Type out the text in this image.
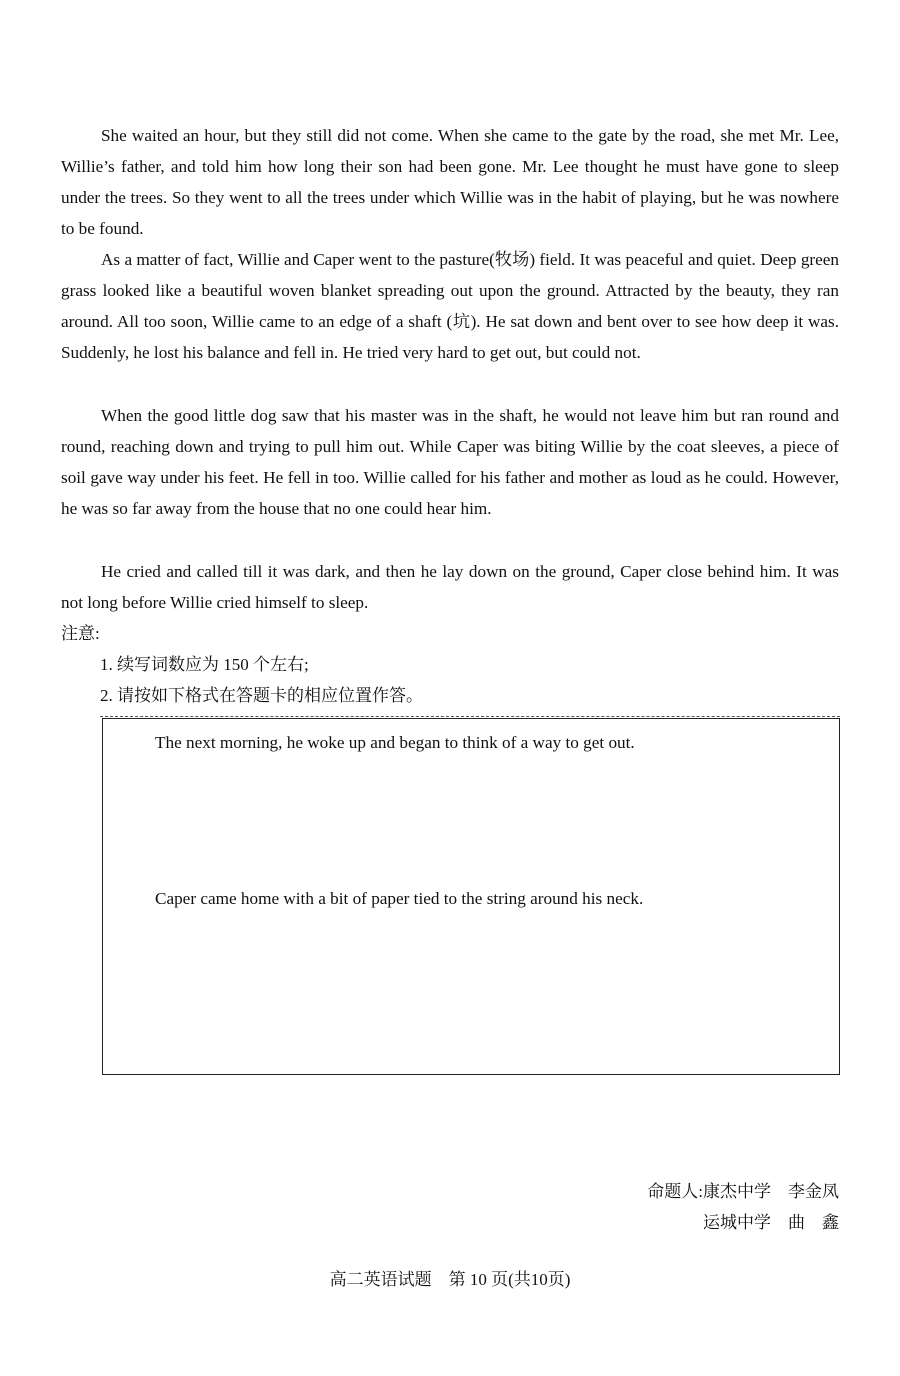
She waited an hour, but they still did not come. When she came to the gate by the road, she met Mr. Lee, Willie’s father, and told him how long their son had been gone. Mr. Lee thought he must have gone to sleep under the trees. So they went to all the trees under which Willie was in the habit of playing, but he was nowhere to be found.

As a matter of fact, Willie and Caper went to the pasture(牧场) field. It was peaceful and quiet. Deep green grass looked like a beautiful woven blanket spreading out upon the ground. Attracted by the beauty, they ran around. All too soon, Willie came to an edge of a shaft (坑). He sat down and bent over to see how deep it was. Suddenly, he lost his balance and fell in. He tried very hard to get out, but could not.

When the good little dog saw that his master was in the shaft, he would not leave him but ran round and round, reaching down and trying to pull him out. While Caper was biting Willie by the coat sleeves, a piece of soil gave way under his feet. He fell in too. Willie called for his father and mother as loud as he could. However, he was so far away from the house that no one could hear him.

He cried and called till it was dark, and then he lay down on the ground, Caper close behind him. It was not long before Willie cried himself to sleep.

注意:
1. 续写词数应为 150 个左右;
2. 请按如下格式在答题卡的相应位置作答。
The next morning, he woke up and began to think of a way to get out.
Caper came home with a bit of paper tied to the string around his neck.
命题人:康杰中学　李金凤
运城中学　曲　鑫
高二英语试题　第 10 页(共10页)
